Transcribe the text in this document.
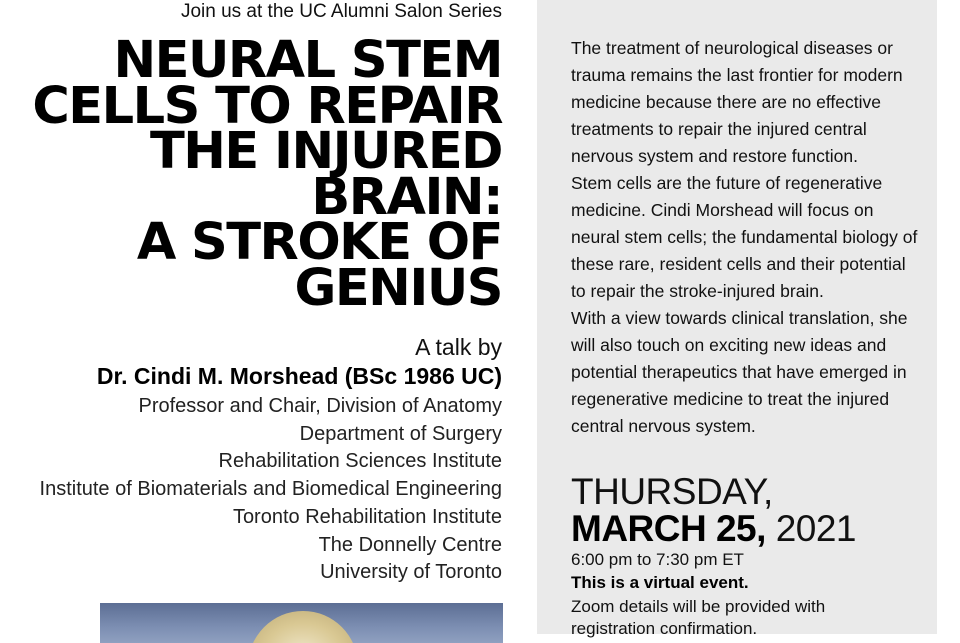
Join us at the UC Alumni Salon Series
NEURAL STEM
CELLS TO REPAIR
THE INJURED
BRAIN:
A STROKE OF
GENIUS
A talk by
Dr. Cindi M. Morshead (BSc 1986 UC)
Professor and Chair, Division of Anatomy
Department of Surgery
Rehabilitation Sciences Institute
Institute of Biomaterials and Biomedical Engineering
Toronto Rehabilitation Institute
The Donnelly Centre
University of Toronto

The treatment of neurological diseases or trauma remains the last frontier for modern medicine because there are no effective treatments to repair the injured central nervous system and restore function.

Stem cells are the future of regenerative medicine. Cindi Morshead will focus on neural stem cells; the fundamental biology of these rare, resident cells and their potential to repair the stroke-injured brain.

With a view towards clinical translation, she will also touch on exciting new ideas and potential therapeutics that have emerged in regenerative medicine to treat the injured central nervous system.

THURSDAY,
MARCH 25, 2021
6:00 pm to 7:30 pm ET
This is a virtual event.
Zoom details will be provided with registration confirmation.
